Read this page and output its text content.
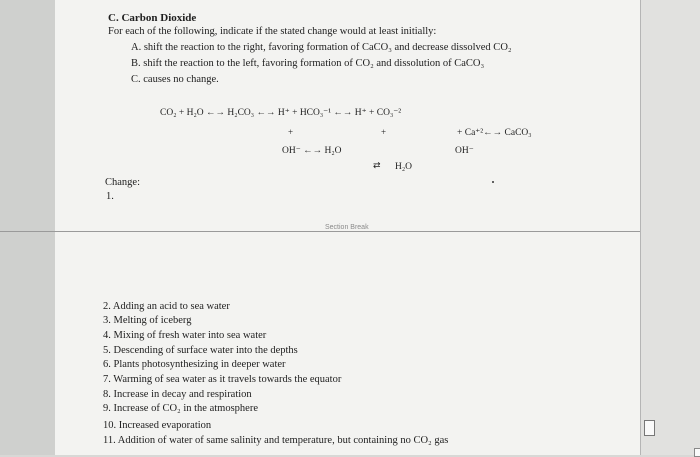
C. Carbon Dioxide
For each of the following, indicate if the stated change would at least initially:
A. shift the reaction to the right, favoring formation of CaCO₃ and decrease dissolved CO₂
B. shift the reaction to the left, favoring formation of CO₂ and dissolution of CaCO₃
C. causes no change.
CO₂ + H₂O ←→ H₂CO₃ ←→ H⁺ + HCO₃⁻¹ ←→ H⁺ + CO₃⁻²
+	+	+ Ca⁺²←→ CaCO₃
OH⁻ ←→ H₂O	OH⁻
⇄ H₂O
Change:
1.
Section Break
2. Adding an acid to sea water
3. Melting of iceberg
4. Mixing of fresh water into sea water
5. Descending of surface water into the depths
6. Plants photosynthesizing in deeper water
7. Warming of sea water as it travels towards the equator
8. Increase in decay and respiration
9. Increase of CO₂ in the atmosphere
10. Increased evaporation
11. Addition of water of same salinity and temperature, but containing no CO₂ gas
